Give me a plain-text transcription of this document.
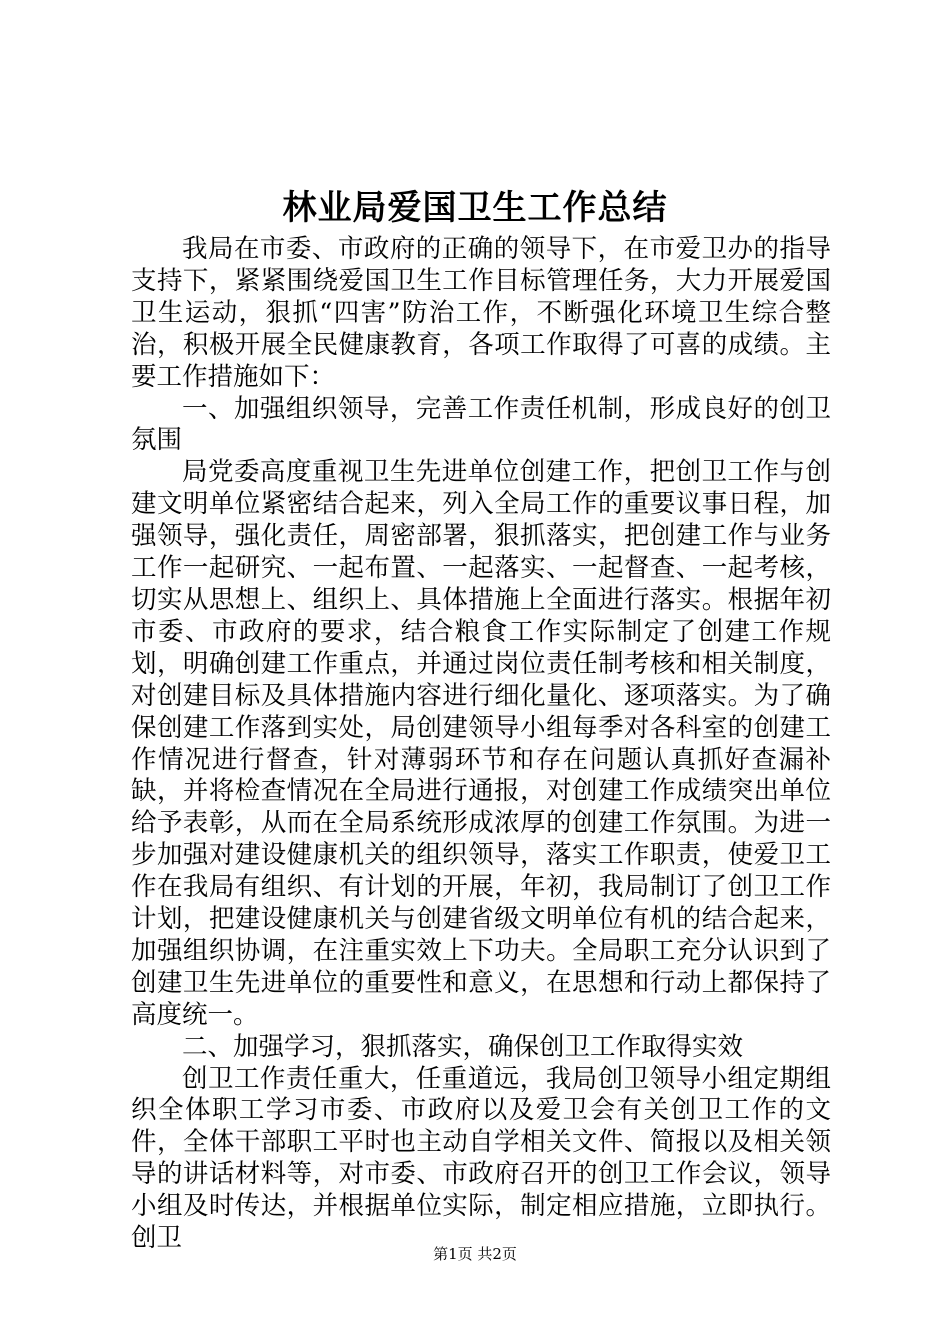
林业局爱国卫生工作总结

我局在市委、市政府的正确的领导下，在市爱卫办的指导支持下，紧紧围绕爱国卫生工作目标管理任务，大力开展爱国卫生运动，狠抓“四害”防治工作，不断强化环境卫生综合整治，积极开展全民健康教育，各项工作取得了可喜的成绩。主要工作措施如下：

一、加强组织领导，完善工作责任机制，形成良好的创卫氛围

局党委高度重视卫生先进单位创建工作，把创卫工作与创建文明单位紧密结合起来，列入全局工作的重要议事日程，加强领导，强化责任，周密部署，狠抓落实，把创建工作与业务工作一起研究、一起布置、一起落实、一起督查、一起考核，切实从思想上、组织上、具体措施上全面进行落实。根据年初市委、市政府的要求，结合粮食工作实际制定了创建工作规划，明确创建工作重点，并通过岗位责任制考核和相关制度，对创建目标及具体措施内容进行细化量化、逐项落实。为了确保创建工作落到实处，局创建领导小组每季对各科室的创建工作情况进行督查，针对薄弱环节和存在问题认真抓好查漏补缺，并将检查情况在全局进行通报，对创建工作成绩突出单位给予表彰，从而在全局系统形成浓厚的创建工作氛围。为进一步加强对建设健康机关的组织领导，落实工作职责，使爱卫工作在我局有组织、有计划的开展，年初，我局制订了创卫工作计划，把建设健康机关与创建省级文明单位有机的结合起来，加强组织协调，在注重实效上下功夫。全局职工充分认识到了创建卫生先进单位的重要性和意义，在思想和行动上都保持了高度统一。

二、加强学习，狠抓落实，确保创卫工作取得实效

创卫工作责任重大，任重道远，我局创卫领导小组定期组织全体职工学习市委、市政府以及爱卫会有关创卫工作的文件，全体干部职工平时也主动自学相关文件、简报以及相关领导的讲话材料等，对市委、市政府召开的创卫工作会议，领导小组及时传达，并根据单位实际，制定相应措施，立即执行。创卫

第1页 共2页
